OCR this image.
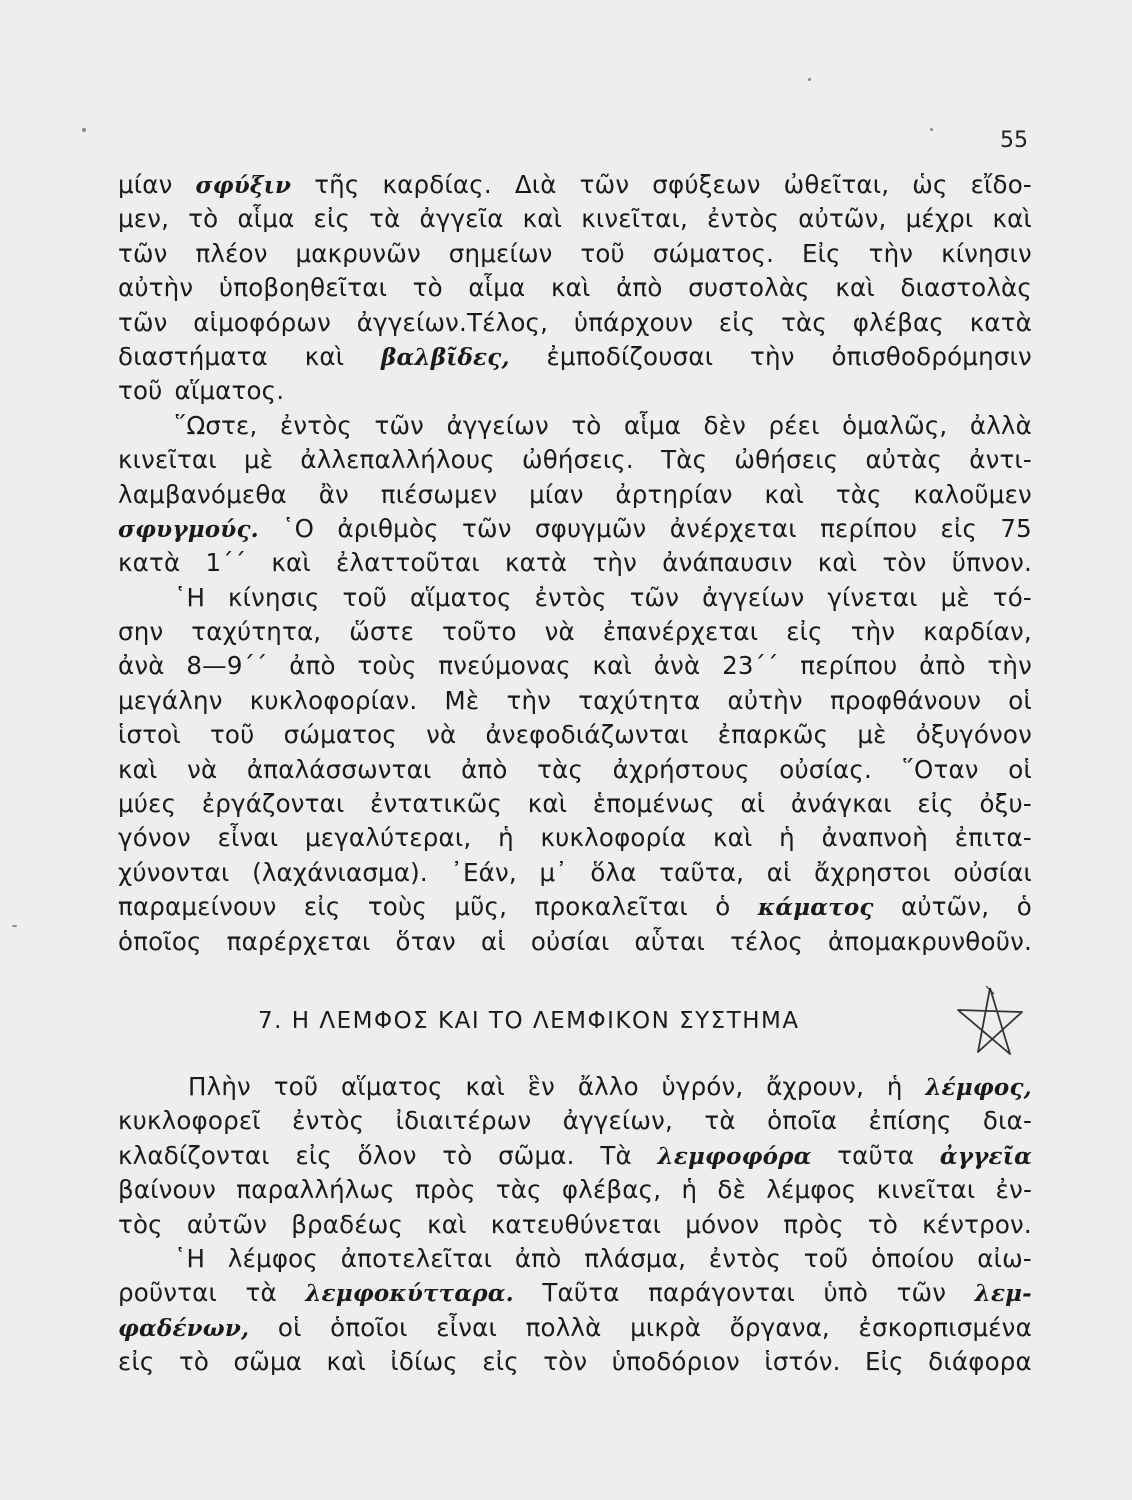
55
μίαν σφύξιν τῆς καρδίας. Διὰ τῶν σφύξεων ὠθεῖται, ὡς εἴδο-
μεν, τὸ αἷμα εἰς τὰ ἀγγεῖα καὶ κινεῖται, ἐντὸς αὐτῶν, μέχρι καὶ
τῶν πλέον μακρυνῶν σημείων τοῦ σώματος. Εἰς τὴν κίνησιν
αὐτὴν ὑποβοηθεῖται τὸ αἷμα καὶ ἀπὸ συστολὰς καὶ διαστολὰς
τῶν αἱμοφόρων ἀγγείων.Τέλος, ὑπάρχουν εἰς τὰς φλέβας κατὰ
διαστήματα καὶ βαλβῖδες, ἐμποδίζουσαι τὴν ὀπισθοδρόμησιν
τοῦ αἵματος.
῞Ωστε, ἐντὸς τῶν ἀγγείων τὸ αἷμα δὲν ρέει ὁμαλῶς, ἀλλὰ
κινεῖται μὲ ἀλλεπαλλήλους ὠθήσεις. Τὰς ὠθήσεις αὐτὰς ἀντι-
λαμβανόμεθα ἂν πιέσωμεν μίαν ἀρτηρίαν καὶ τὰς καλοῦμεν
σφυγμούς. ῾Ο ἀριθμὸς τῶν σφυγμῶν ἀνέρχεται περίπου εἰς 75
κατὰ 1΄΄ καὶ ἐλαττοῦται κατὰ τὴν ἀνάπαυσιν καὶ τὸν ὕπνον.
῾Η κίνησις τοῦ αἵματος ἐντὸς τῶν ἀγγείων γίνεται μὲ τό-
σην ταχύτητα, ὥστε τοῦτο νὰ ἐπανέρχεται εἰς τὴν καρδίαν,
ἀνὰ 8—9΄΄ ἀπὸ τοὺς πνεύμονας καὶ ἀνὰ 23΄΄ περίπου ἀπὸ τὴν
μεγάλην κυκλοφορίαν. Μὲ τὴν ταχύτητα αὐτὴν προφθάνουν οἱ
ἱστοὶ τοῦ σώματος νὰ ἀνεφοδιάζωνται ἐπαρκῶς μὲ ὀξυγόνον
καὶ νὰ ἀπαλάσσωνται ἀπὸ τὰς ἀχρήστους οὐσίας. ῞Οταν οἱ
μύες ἐργάζονται ἐντατικῶς καὶ ἑπομένως αἱ ἀνάγκαι εἰς ὀξυ-
γόνον εἶναι μεγαλύτεραι, ἡ κυκλοφορία καὶ ἡ ἀναπνοὴ ἐπιτα-
χύνονται (λαχάνιασμα). ᾿Εάν, μ᾿ ὅλα ταῦτα, αἱ ἄχρηστοι οὐσίαι
παραμείνουν εἰς τοὺς μῦς, προκαλεῖται ὁ κάματος αὐτῶν, ὁ
ὁποῖος παρέρχεται ὅταν αἱ οὐσίαι αὗται τέλος ἀπομακρυνθοῦν.
7. Η ΛΕΜΦΟΣ ΚΑΙ ΤΟ ΛΕΜΦΙΚΟΝ ΣΥΣΤΗΜΑ
Πλὴν τοῦ αἵματος καὶ ἓν ἄλλο ὑγρόν, ἄχρουν, ἡ λέμφος,
κυκλοφορεῖ ἐντὸς ἰδιαιτέρων ἀγγείων, τὰ ὁποῖα ἐπίσης δια-
κλαδίζονται εἰς ὅλον τὸ σῶμα. Τὰ λεμφοφόρα ταῦτα ἀγγεῖα
βαίνουν παραλλήλως πρὸς τὰς φλέβας, ἡ δὲ λέμφος κινεῖται ἐν-
τὸς αὐτῶν βραδέως καὶ κατευθύνεται μόνον πρὸς τὸ κέντρον.
῾Η λέμφος ἀποτελεῖται ἀπὸ πλάσμα, ἐντὸς τοῦ ὁποίου αἰω-
ροῦνται τὰ λεμφοκύτταρα. Ταῦτα παράγονται ὑπὸ τῶν λεμ-
φαδένων, οἱ ὁποῖοι εἶναι πολλὰ μικρὰ ὄργανα, ἐσκορπισμένα
εἰς τὸ σῶμα καὶ ἰδίως εἰς τὸν ὑποδόριον ἱστόν. Εἰς διάφορα
